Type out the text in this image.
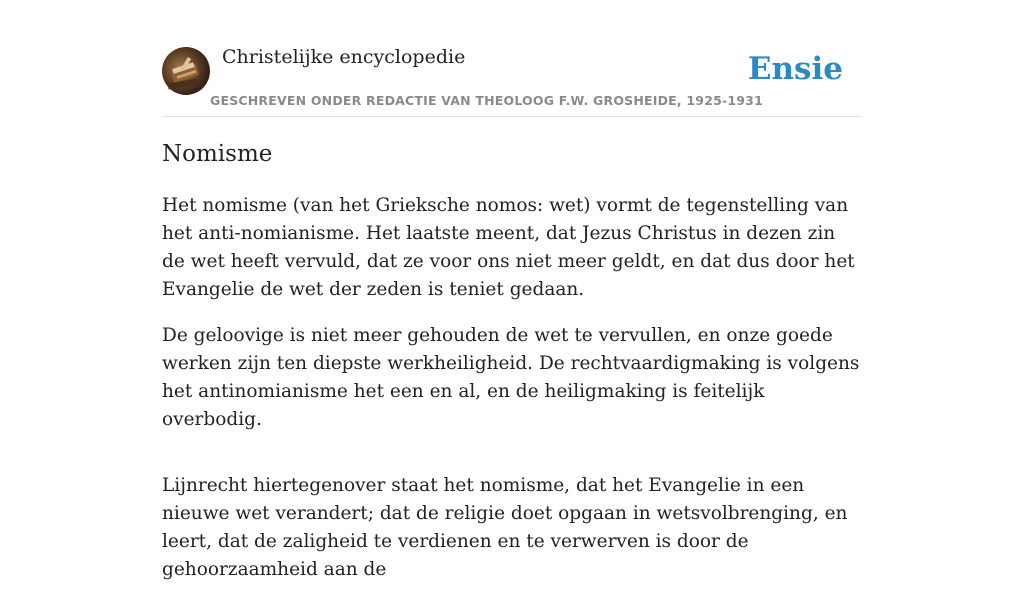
Christelijke encyclopedie
GESCHREVEN ONDER REDACTIE VAN THEOLOOG F.W. GROSHEIDE, 1925-1931
Ensie
Nomisme

Het nomisme (van het Grieksche nomos: wet) vormt de tegenstelling van het anti-nomianisme. Het laatste meent, dat Jezus Christus in dezen zin de wet heeft vervuld, dat ze voor ons niet meer geldt, en dat dus door het Evangelie de wet der zeden is teniet gedaan.

De geloovige is niet meer gehouden de wet te vervullen, en onze goede werken zijn ten diepste werkheiligheid. De rechtvaardigmaking is volgens het antinomianisme het een en al, en de heiligmaking is feitelijk overbodig.

Lijnrecht hiertegenover staat het nomisme, dat het Evangelie in een nieuwe wet verandert; dat de religie doet opgaan in wetsvolbrenging, en leert, dat de zaligheid te verdienen en te verwerven is door de gehoorzaamheid aan de
